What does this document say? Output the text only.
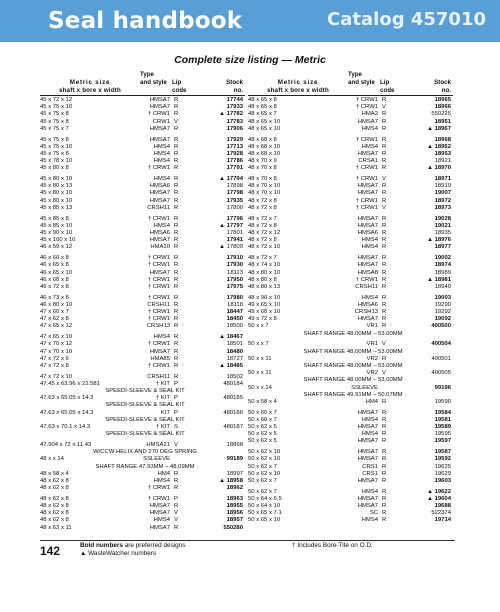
Seal handbook	Catalog 457010
Complete size listing — Metric
Metric size
shaft x bore x width
Type
and style Lip
code
Stock
no.
45 x 72 x 12	HMSA7 R	17744
45 x 75 x 10	HMSA7 R	17933
45 x 75 x 8	† CRW1 R	▲ 17782
45 x 75 x 8	CRW1 V	17783
45 x 75 x 7	HMSA7 R	17906
45 x 75 x 8	HMSA7 R	17929
45 x 75 x 10	HMS4 R	17713
45 x 75 x 8	HMS4 R	17928
45 x 78 x 10	HMS4 R	17786
45 x 80 x 8	† CRW1 R	17791
45 x 80 x 10	HMS4 R	▲ 17794
45 x 80 x 13	HMSA6 R	17898
45 x 80 x 10	HMSA7 R	17798
45 x 80 x 10	HMSA7 R	17935
45 x 85 x 13	CRSH11 R	17800
45 x 85 x 8	† CRW1 R	17796
45 x 85 x 10	HMS4 R	▲ 17797
45 x 90 x 10	HMSA6 R	17801
45 x 100 x 10	HMSA7 R	17941
46 x 59 x 12	HMA10 R	▲ 17809
46 x 60 x 8	† CRW1 R	17910
46 x 65 x 8	† CRW1 R	17930
46 x 65 x 10	HMSA7 R	18113
46 x 68 x 8	† CRW1 R	17950
46 x 72 x 8	† CRW1 R	17975
46 x 73 x 8	† CRW1 R	17980
46 x 80 x 10	CRSH11 R	18118
47 x 60 x 7	† CRW1 R	18447
47 x 62 x 8	† CRW1 R	18450
47 x 65 x 12	CRSH13 R	18500
47 x 65 x 10	HMS4 R	▲ 18467
47 x 70 x 12	† CRW1 R	18501
47 x 70 x 10	HMSA7 R	18480
47 x 72 x 6	HMA85 R	18727
47 x 72 x 8	† CRW1 R	▲ 18485
47 x 72 x 10	CRSH11 R	18502
47.45 x 63.96 x 22.581	† KIT P	480184
SPEEDI-SLEEVE & SEAL KIT
47.63 x 65.05 x 14.3	† KIT P	480185
SPEEDI-SLEEVE & SEAL KIT
47.63 x 65.05 x 14.3	KIT P	480186
SPEEDI-SLEEVE & SEAL KIT
47.63 x 70.1 x 14.3	† KIT S	480187
SPEEDI-SLEEVE & SEAL KIT
47.904 x 72 x 11.43	HMSA21 V	18868
W/CCW HELIX AND 270 DEG SPRING
48 x x 14	SSLEEVE	99189
SHAFT RANGE 47.93MM – 48.09MM
48 x 58 x 4	HM4 R	18997
48 x 62 x 8	HMS4 R	▲ 18958
48 x 62 x 8	† CRW1 R	18962
48 x 62 x 8	† CRW1 P	18963
48 x 62 x 8	HMSA7 R	18955
48 x 62 x 8	HMSA7 V	18956
48 x 62 x 8	HMS4 V	18957
48 x 63 x 11	HMSA7 R	550280
Metric size
shaft x bore x width
Type
and style Lip
code
Stock
no.
48 x 65 x 8	† CRW1 R	18965
48 x 65 x 8	† CRW1 V	18966
48 x 65 x 7	HMA2 R	550225
48 x 65 x 10	HMSA7 R	18951
48 x 65 x 10	HMS4 R	▲ 18967
48 x 68 x 8	† CRW1 R	18968
48 x 68 x 10	HMS4 R	▲ 18952
48 x 68 x 10	HMSA7 R	18953
48 x 70 x 9	CRSA1 R	18921
48 x 70 x 8	† CRW1 R	▲ 18970
48 x 70 x 8	† CRW1 V	18971
48 x 70 x 10	HMSA7 R	18919
48 x 70 x 10	HMSA7 R	19007
48 x 72 x 8	† CRW1 R	18972
48 x 72 x 8	† CRW1 V	18973
48 x 72 x 7	HMSA7 R	19028
48 x 72 x 8	HMSA7 R	19021
48 x 72 x 12	HMSA6 R	18935
48 x 72 x 8	HMS4 R	▲ 18976
48 x 72 x 10	HMS4 R	18977
48 x 72 x 7	HMSA7 R	19002
48 x 74 x 10	HMSA7 R	18974
48 x 80 x 10	HMSA8 R	18989
48 x 80 x 8	† CRW1 R	▲ 18981
48 x 80 x 13	CRSH11 R	18940
48 x 90 x 10	HMS4 R	19003
49 x 65 x 10	HMSA6 R	19290
49 x 68 x 10	CRSH13 R	19292
49 x 72 x 8	HMSA7 R	19092
50 x x 7	VR1 R	400500
SHAFT RANGE 48.00MM – 53.00MM
50 x x 7	VR1 V	400504
SHAFT RANGE 48.00MM – 53.00MM
50 x x 11	VR2 R	400501
SHAFT RANGE 48.00MM – 53.00MM
50 x x 11	VR2 V	400505
SHAFT RANGE 48.00MM – 53.00MM
50 x x 14	SSLEEVE	99196
SHAFT RANGE 49.91MM – 50.07MM
50 x 58 x 4	HM4 R	19590
50 x 60 x 7	HMSA7 R	19584
50 x 60 x 7	HMS4 R	19581
50 x 62 x 5	HMSA7 R	19589
50 x 62 x 5	HMS4 R	19595
50 x 62 x 5	HMSA7 R	19597
50 x 62 x 10	HMSA7 R	19587
50 x 62 x 10	HMSA7 R	19592
50 x 62 x 7	CRS1 R	19625
50 x 62 x 10	CRS1 R	19629
50 x 62 x 7	HMSA7 R	19603
50 x 62 x 7	HMS4 R	▲ 19622
50 x 64 x 6.5	HMSA7 R	▲ 19604
50 x 64 x 10	HMSA7 R	19688
50 x 65 x 7.1	SC R	522374
50 x 65 x 10	HMS4 R	19714
142	Bold numbers are preferred designs
▲ WasteWatcher numbers
† Includes Bore-Tite on O.D.
